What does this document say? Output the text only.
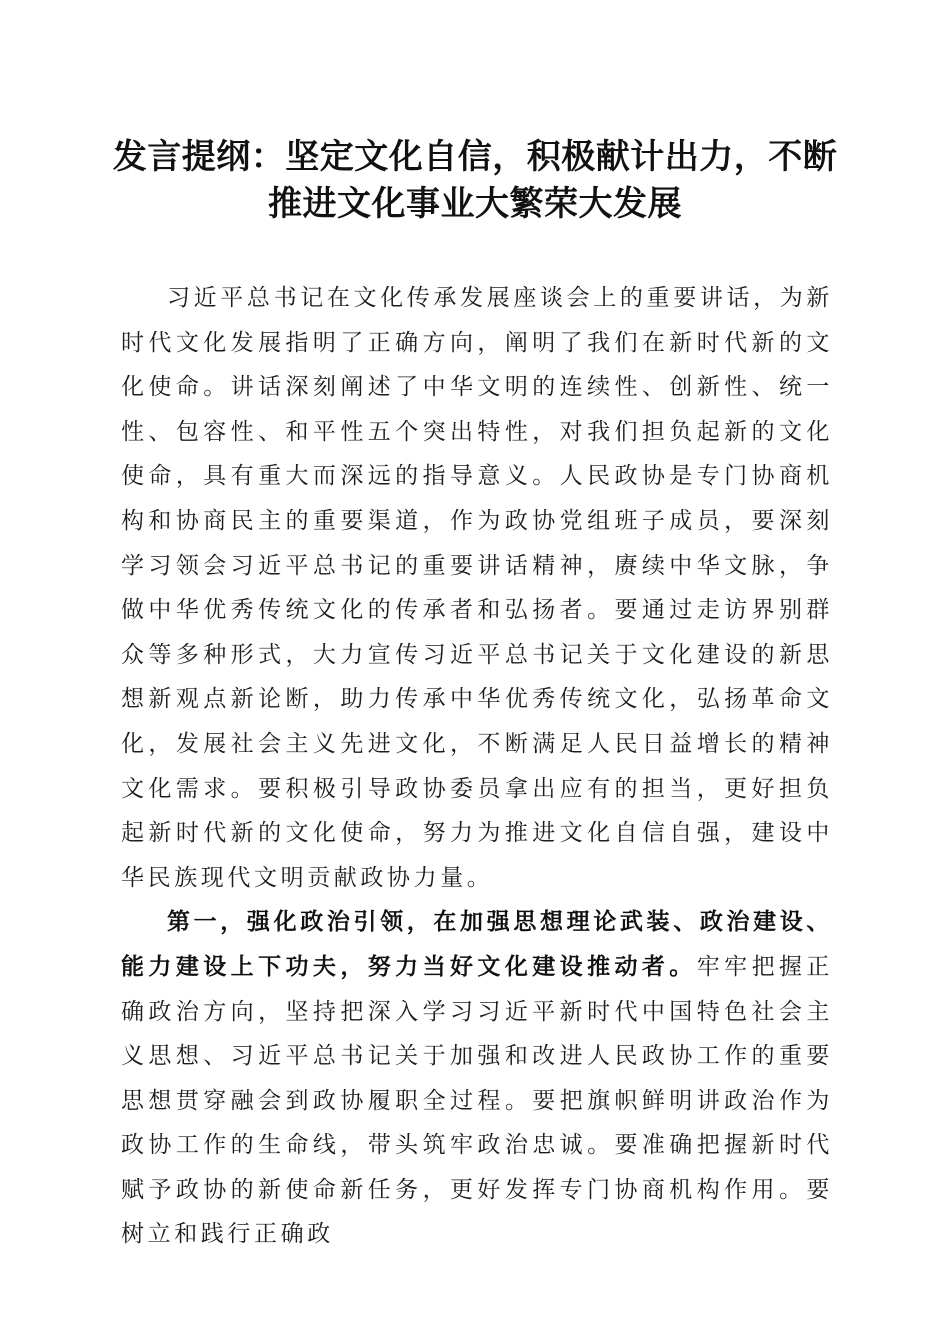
发言提纲：坚定文化自信，积极献计出力，不断推进文化事业大繁荣大发展

习近平总书记在文化传承发展座谈会上的重要讲话，为新时代文化发展指明了正确方向，阐明了我们在新时代新的文化使命。讲话深刻阐述了中华文明的连续性、创新性、统一性、包容性、和平性五个突出特性，对我们担负起新的文化使命，具有重大而深远的指导意义。人民政协是专门协商机构和协商民主的重要渠道，作为政协党组班子成员，要深刻学习领会习近平总书记的重要讲话精神，赓续中华文脉，争做中华优秀传统文化的传承者和弘扬者。要通过走访界别群众等多种形式，大力宣传习近平总书记关于文化建设的新思想新观点新论断，助力传承中华优秀传统文化，弘扬革命文化，发展社会主义先进文化，不断满足人民日益增长的精神文化需求。要积极引导政协委员拿出应有的担当，更好担负起新时代新的文化使命，努力为推进文化自信自强，建设中华民族现代文明贡献政协力量。

第一，强化政治引领，在加强思想理论武装、政治建设、能力建设上下功夫，努力当好文化建设推动者。牢牢把握正确政治方向，坚持把深入学习习近平新时代中国特色社会主义思想、习近平总书记关于加强和改进人民政协工作的重要思想贯穿融会到政协履职全过程。要把旗帜鲜明讲政治作为政协工作的生命线，带头筑牢政治忠诚。要准确把握新时代赋予政协的新使命新任务，更好发挥专门协商机构作用。要树立和践行正确政
